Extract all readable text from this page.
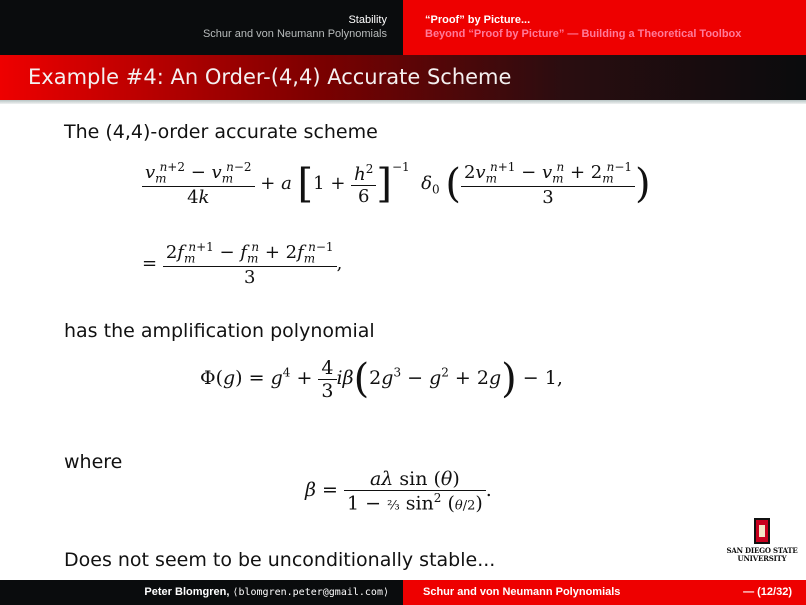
Stability
Schur and von Neumann Polynomials
“Proof” by Picture...
Beyond “Proof by Picture” — Building a Theoretical Toolbox
Example #4: An Order-(4,4) Accurate Scheme
The (4,4)-order accurate scheme
$\frac{v_m^{n+2} - v_m^{n-2}}{4k} + a$ $[1 + \frac{h^2}{6} ]^{-1}$  $\delta_0$ ( $\frac{2v_m^{n+1} - v_m^n + 2_m^{n-1}}{3}$ )
= $\frac{2f_m^{n+1} - f_m^n + 2f_m^{n-1}}{3}$ ,
has the amplification polynomial
$\Phi(g) = g^4 + \frac{4}{3} i\beta(2g^3 - g^2 + 2g) - 1$,
where
$\beta = \frac{\text{aλ sin (θ)}}{1 - \frac{2}{3} \sin^2 (\theta/2)}$ .
Does not seem to be unconditionally stable...	SAN DIEGO STATE
UNIVERSITY
Peter Blomgren, ⟨blomgren.peter@gmail.com⟩	Schur and von Neumann Polynomials	— (12/32)
